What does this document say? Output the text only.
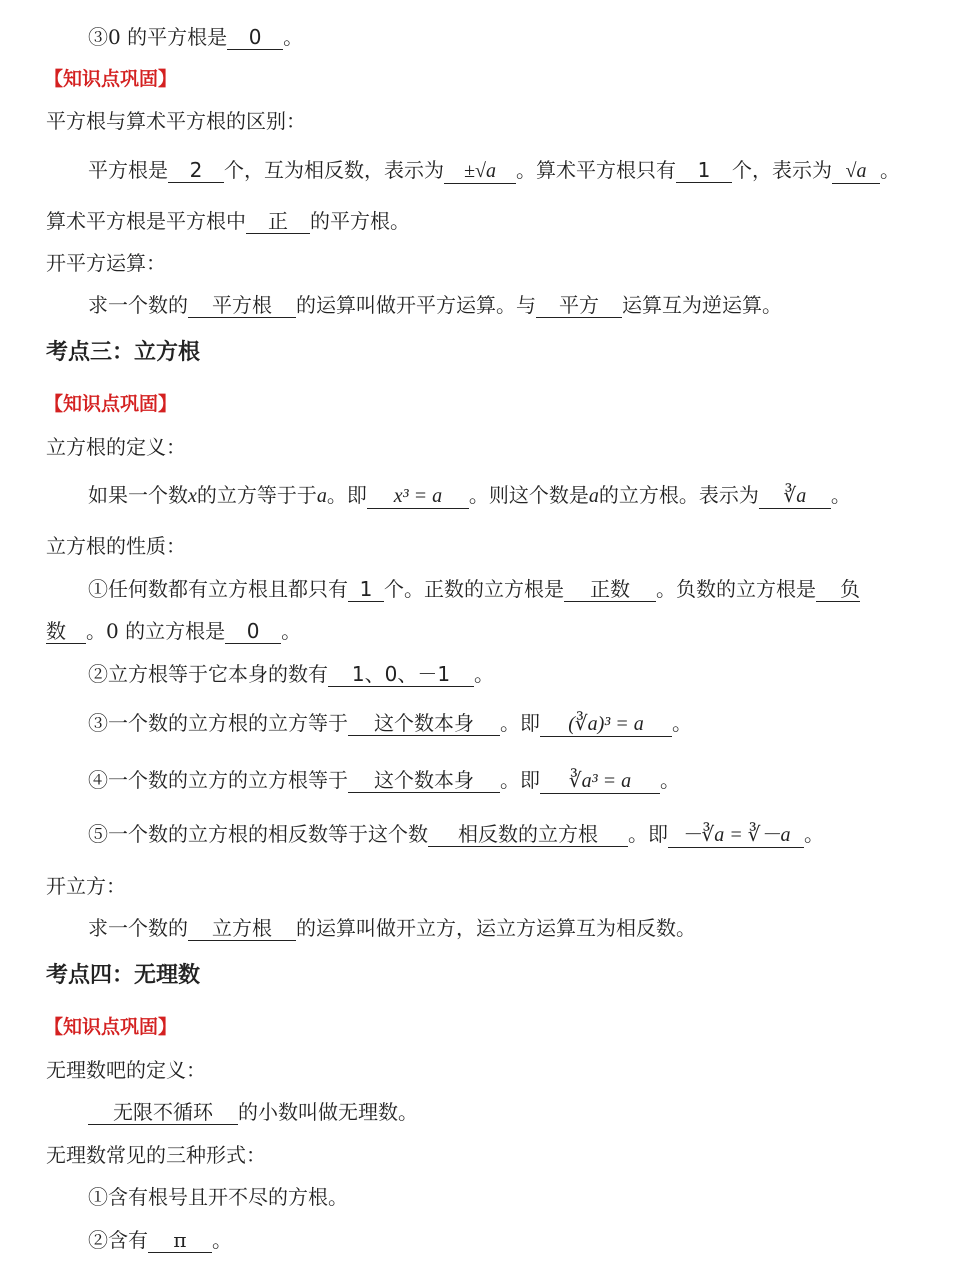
③0 的平方根是 0 。
【知识点巩固】
平方根与算术平方根的区别：
平方根是 2 个，互为相反数，表示为 ±√a 。算术平方根只有 1 个，表示为 √a 。
算术平方根是平方根中 正 的平方根。
开平方运算：
求一个数的 平方根 的运算叫做开平方运算。与 平方 运算互为逆运算。
考点三：立方根
【知识点巩固】
立方根的定义：
如果一个数x的立方等于于a。即 x³ = a 。则这个数是a的立方根。表示为 ∛a 。
立方根的性质：
①任何数都有立方根且都只有 1 个。正数的立方根是 正数 。负数的立方根是 负
数 。0 的立方根是 0 。
②立方根等于它本身的数有 1、0、－1 。
③一个数的立方根的立方等于 这个数本身 。即 (∛a)³ = a 。
④一个数的立方的立方根等于 这个数本身 。即 ∛a³ = a 。
⑤一个数的立方根的相反数等于这个数 相反数的立方根 。即 －∛a = ∛－a 。
开立方：
求一个数的 立方根 的运算叫做开立方，运立方运算互为相反数。
考点四：无理数
【知识点巩固】
无理数吧的定义：
无限不循环 的小数叫做无理数。
无理数常见的三种形式：
①含有根号且开不尽的方根。
②含有 π 。
